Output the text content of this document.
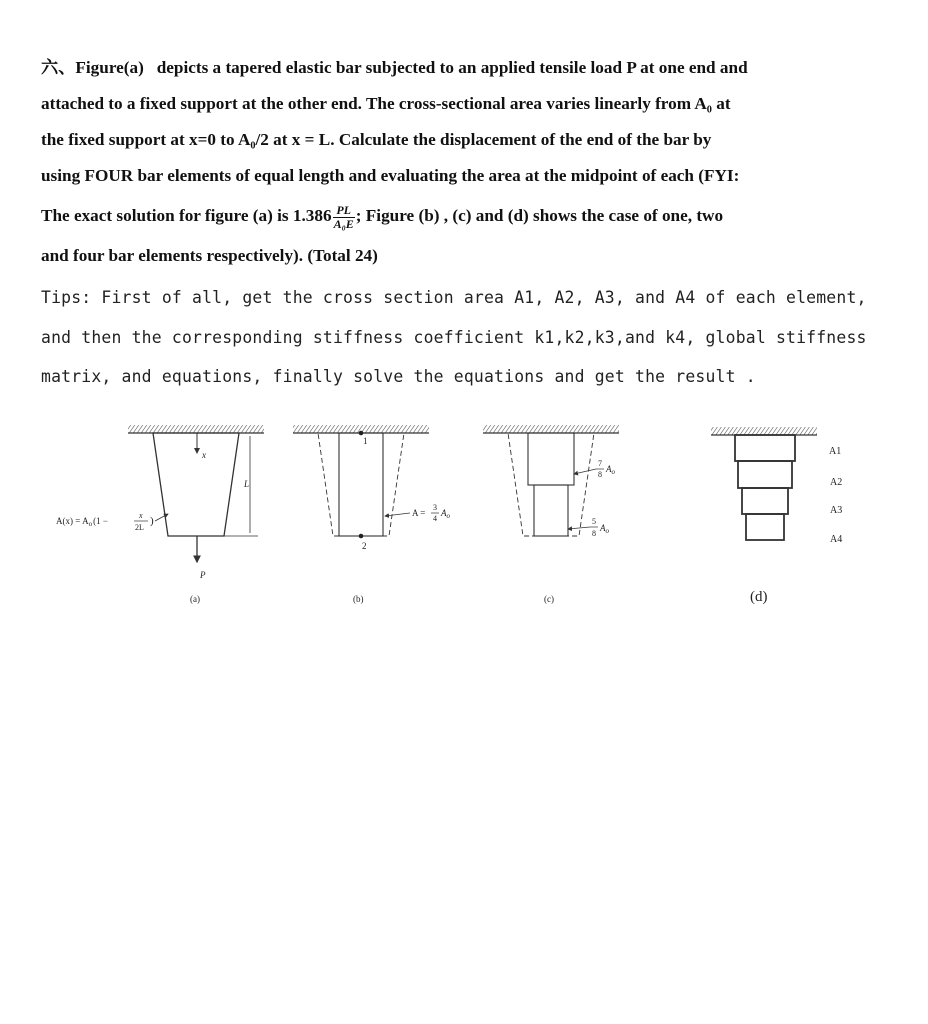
六、Figure(a)   depicts a tapered elastic bar subjected to an applied tensile load P at one end and

attached to a fixed support at the other end. The cross-sectional area varies linearly from A₀ at

the fixed support at x=0 to A₀/2 at x = L. Calculate the displacement of the end of the bar by

using FOUR bar elements of equal length and evaluating the area at the midpoint of each (FYI:

The exact solution for figure (a) is $1.386 \frac{PL}{\text{A₀E}}$ ; Figure (b) , (c) and (d) shows the case of one, two

and four bar elements respectively). (Total 24)

Tips: First of all, get the cross section area A1, A2, A3, and A4 of each element,

and then the corresponding stiffness coefficient k1,k2,k3,and k4, global stiffness

matrix, and equations, finally solve the equations and get the result .

x
L
P
$A(x) = A_o(1$ −
x
2L
)
(a)
1
2
A =
3
4
$A_o$
(b)
7
8
$A_o$
5
8
$A_o$
(c)
A1
A2
A3
A4
(d)
